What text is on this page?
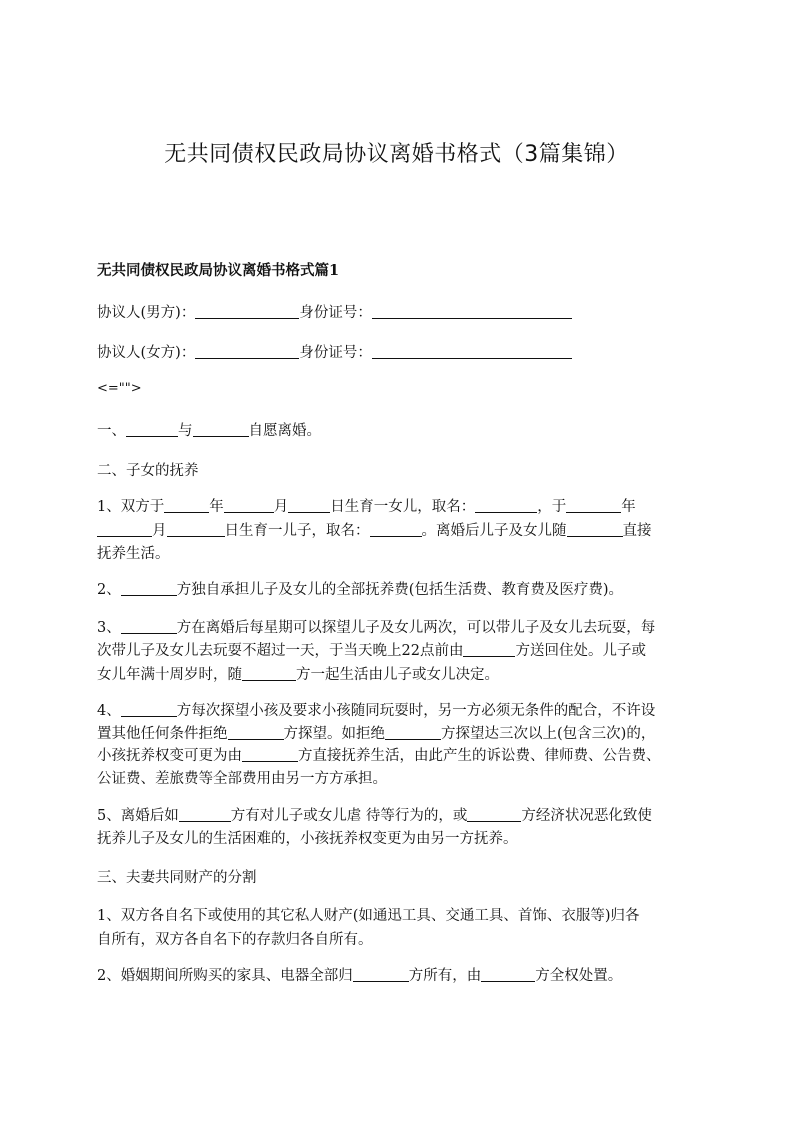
无共同债权民政局协议离婚书格式（3篇集锦）
无共同债权民政局协议离婚书格式篇1
协议人(男方)：	身份证号：
协议人(女方)：	身份证号：
<="">
一、	与	自愿离婚。
二、子女的抚养
1、双方于	年	月	日生育一女儿，取名：	，于	年
月	日生育一儿子，取名：	。离婚后儿子及女儿随	直接
抚养生活。
2、	方独自承担儿子及女儿的全部抚养费(包括生活费、教育费及医疗费)。
3、	方在离婚后每星期可以探望儿子及女儿两次，可以带儿子及女儿去玩耍，每
次带儿子及女儿去玩耍不超过一天，于当天晚上22点前由	方送回住处。儿子或
女儿年满十周岁时，随	方一起生活由儿子或女儿决定。
4、	方每次探望小孩及要求小孩随同玩耍时，另一方必须无条件的配合，不许设
置其他任何条件拒绝	方探望。如拒绝	方探望达三次以上(包含三次)的，
小孩抚养权变可更为由	方直接抚养生活，由此产生的诉讼费、律师费、公告费、
公证费、差旅费等全部费用由另一方方承担。
5、离婚后如	方有对儿子或女儿虐 待等行为的，或	方经济状况恶化致使
抚养儿子及女儿的生活困难的，小孩抚养权变更为由另一方抚养。
三、夫妻共同财产的分割
1、双方各自名下或使用的其它私人财产(如通迅工具、交通工具、首饰、衣服等)归各
自所有，双方各自名下的存款归各自所有。
2、婚姻期间所购买的家具、电器全部归	方所有，由	方全权处置。
